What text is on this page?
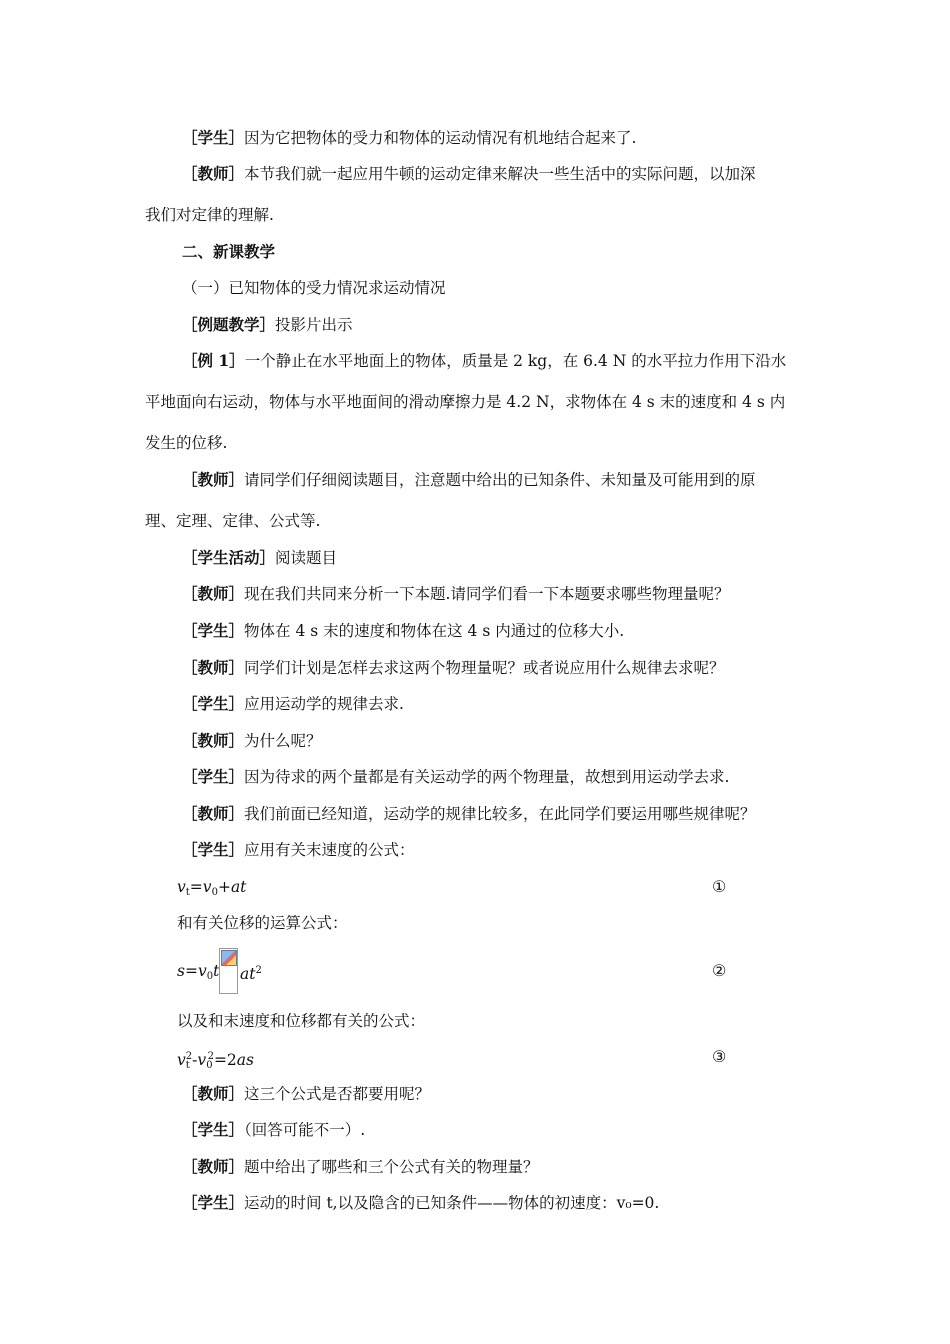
［学生］因为它把物体的受力和物体的运动情况有机地结合起来了.
［教师］本节我们就一起应用牛顿的运动定律来解决一些生活中的实际问题，以加深
我们对定律的理解.
二、新课教学
（一）已知物体的受力情况求运动情况
［例题教学］投影片出示
［例 1］一个静止在水平地面上的物体，质量是 2 kg，在 6.4 N 的水平拉力作用下沿水
平地面向右运动，物体与水平地面间的滑动摩擦力是 4.2 N，求物体在 4 s 末的速度和 4 s 内
发生的位移.
［教师］请同学们仔细阅读题目，注意题中给出的已知条件、未知量及可能用到的原
理、定理、定律、公式等.
［学生活动］阅读题目
［教师］现在我们共同来分析一下本题.请同学们看一下本题要求哪些物理量呢？
［学生］物体在 4 s 末的速度和物体在这 4 s 内通过的位移大小.
［教师］同学们计划是怎样去求这两个物理量呢？或者说应用什么规律去求呢？
［学生］应用运动学的规律去求.
［教师］为什么呢？
［学生］因为待求的两个量都是有关运动学的两个物理量，故想到用运动学去求.
［教师］我们前面已经知道，运动学的规律比较多，在此同学们要运用哪些规律呢？
［学生］应用有关末速度的公式：
$v_t=v_0+at$	①
和有关位移的运算公式：
$s=v_0t$	$at^2$	②
以及和末速度和位移都有关的公式：
$v_t^2-v_0^2=2as$	③
［教师］这三个公式是否都要用呢？
［学生］（回答可能不一）.
［教师］题中给出了哪些和三个公式有关的物理量？
［学生］运动的时间 t,以及隐含的已知条件——物体的初速度：v₀=0.
